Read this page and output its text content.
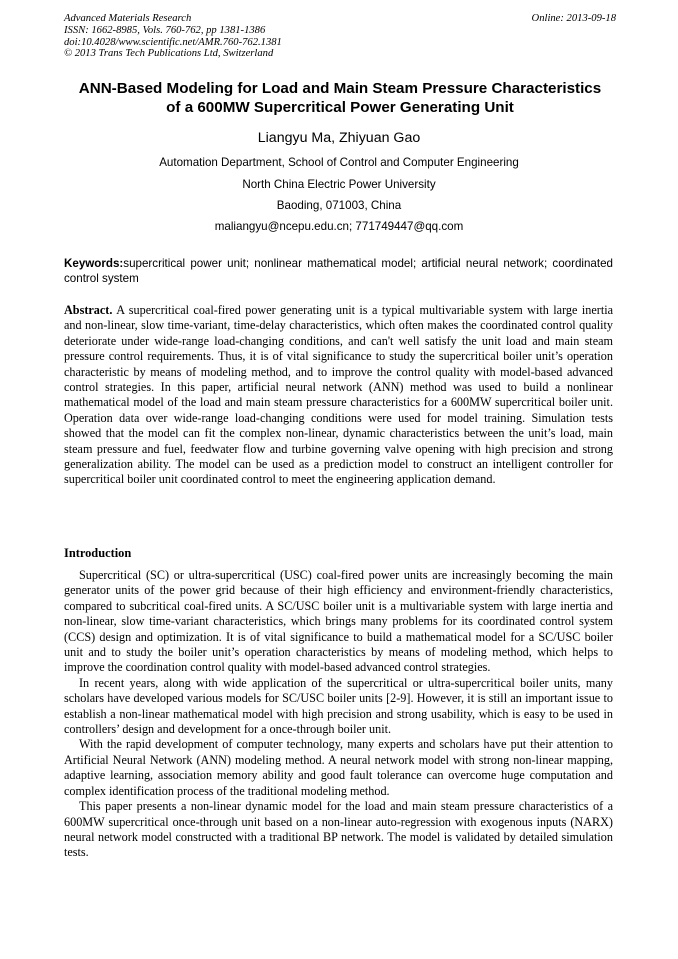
Advanced Materials Research
ISSN: 1662-8985, Vols. 760-762, pp 1381-1386
doi:10.4028/www.scientific.net/AMR.760-762.1381
© 2013 Trans Tech Publications Ltd, Switzerland
Online: 2013-09-18
ANN-Based Modeling for Load and Main Steam Pressure Characteristics
of a 600MW Supercritical Power Generating Unit
Liangyu Ma, Zhiyuan Gao
Automation Department, School of Control and Computer Engineering
North China Electric Power University
Baoding, 071003, China
maliangyu@ncepu.edu.cn; 771749447@qq.com
Keywords:supercritical power unit; nonlinear mathematical model; artificial neural network; coordinated control system

Abstract. A supercritical coal-fired power generating unit is a typical multivariable system with large inertia and non-linear, slow time-variant, time-delay characteristics, which often makes the coordinated control quality deteriorate under wide-range load-changing conditions, and can't well satisfy the unit load and main steam pressure control requirements. Thus, it is of vital significance to study the supercritical boiler unit’s operation characteristic by means of modeling method, and to improve the control quality with model-based advanced control strategies. In this paper, artificial neural network (ANN) method was used to build a nonlinear mathematical model of the load and main steam pressure characteristics for a 600MW supercritical boiler unit. Operation data over wide-range load-changing conditions were used for model training. Simulation tests showed that the model can fit the complex non-linear, dynamic characteristics between the unit’s load, main steam pressure and fuel, feedwater flow and turbine governing valve opening with high precision and strong generalization ability. The model can be used as a prediction model to construct an intelligent controller for supercritical boiler unit coordinated control to meet the engineering application demand.

Introduction

Supercritical (SC) or ultra-supercritical (USC) coal-fired power units are increasingly becoming the main generator units of the power grid because of their high efficiency and environment-friendly characteristics, compared to subcritical coal-fired units. A SC/USC boiler unit is a multivariable system with large inertia and non-linear, slow time-variant characteristics, which brings many problems for its coordinated control system (CCS) design and optimization. It is of vital significance to build a mathematical model for a SC/USC boiler unit and to study the boiler unit’s operation characteristics by means of modeling method, which helps to improve the coordination control quality with model-based advanced control strategies.

In recent years, along with wide application of the supercritical or ultra-supercritical boiler units, many scholars have developed various models for SC/USC boiler units [2-9]. However, it is still an important issue to establish a non-linear mathematical model with high precision and strong usability, which is easy to be used in controllers’ design and development for a once-through boiler unit.

With the rapid development of computer technology, many experts and scholars have put their attention to Artificial Neural Network (ANN) modeling method. A neural network model with strong non-linear mapping, adaptive learning, association memory ability and good fault tolerance can overcome huge computation and complex identification process of the traditional modeling method.

This paper presents a non-linear dynamic model for the load and main steam pressure characteristics of a 600MW supercritical once-through unit based on a non-linear auto-regression with exogenous inputs (NARX) neural network model constructed with a traditional BP network. The model is validated by detailed simulation tests.
